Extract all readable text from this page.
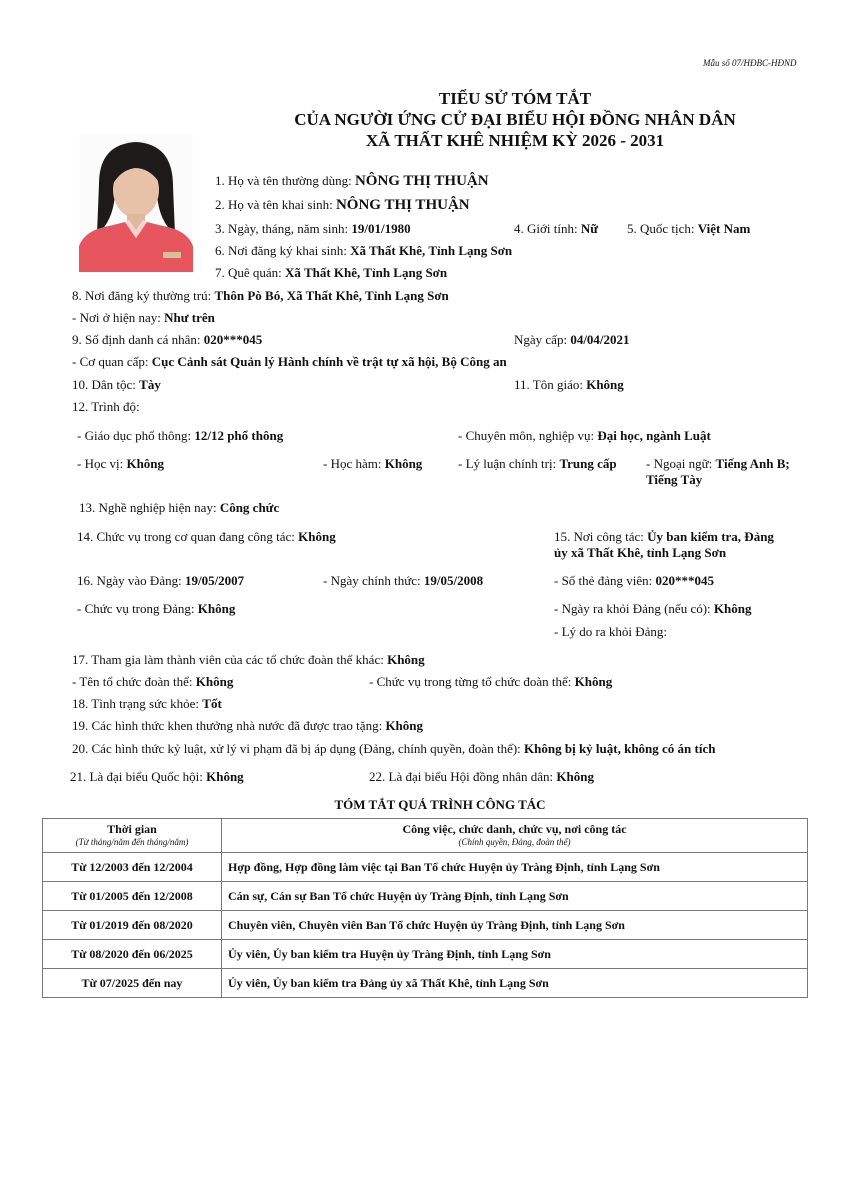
Mẫu số 07/HĐBC-HĐND
TIỂU SỬ TÓM TẮT
CỦA NGƯỜI ỨNG CỬ ĐẠI BIỂU HỘI ĐỒNG NHÂN DÂN
XÃ THẤT KHÊ NHIỆM KỲ 2026 - 2031
1. Họ và tên thường dùng: NÔNG THỊ THUẬN
2. Họ và tên khai sinh: NÔNG THỊ THUẬN
3. Ngày, tháng, năm sinh: 19/01/1980	4. Giới tính: Nữ 5. Quốc tịch: Việt Nam
6. Nơi đăng ký khai sinh: Xã Thất Khê, Tỉnh Lạng Sơn
7. Quê quán: Xã Thất Khê, Tỉnh Lạng Sơn
8. Nơi đăng ký thường trú: Thôn Pò Bó, Xã Thất Khê, Tỉnh Lạng Sơn
- Nơi ở hiện nay: Như trên
9. Số định danh cá nhân: 020***045	Ngày cấp: 04/04/2021
- Cơ quan cấp: Cục Cảnh sát Quản lý Hành chính về trật tự xã hội, Bộ Công an
10. Dân tộc: Tày	11. Tôn giáo: Không
12. Trình độ:
- Giáo dục phổ thông: 12/12 phổ thông	- Chuyên môn, nghiệp vụ: Đại học, ngành Luật
- Học vị: Không	- Học hàm: Không	- Lý luận chính trị: Trung cấp - Ngoại ngữ: Tiếng Anh B;
Tiếng Tày
13. Nghề nghiệp hiện nay: Công chức
14. Chức vụ trong cơ quan đang công tác: Không	15. Nơi công tác: Ủy ban kiểm tra, Đảng
ủy xã Thất Khê, tỉnh Lạng Sơn
16. Ngày vào Đảng: 19/05/2007	- Ngày chính thức: 19/05/2008	- Số thẻ đảng viên: 020***045
- Chức vụ trong Đảng: Không	- Ngày ra khỏi Đảng (nếu có): Không
- Lý do ra khỏi Đảng:
17. Tham gia làm thành viên của các tổ chức đoàn thể khác: Không
- Tên tổ chức đoàn thể: Không	- Chức vụ trong từng tổ chức đoàn thể: Không
18. Tình trạng sức khỏe: Tốt
19. Các hình thức khen thưởng nhà nước đã được trao tặng: Không
20. Các hình thức kỷ luật, xử lý vi phạm đã bị áp dụng (Đảng, chính quyền, đoàn thể): Không bị kỷ luật, không có án tích
21. Là đại biểu Quốc hội: Không	22. Là đại biểu Hội đồng nhân dân: Không
TÓM TẮT QUÁ TRÌNH CÔNG TÁC
Thời gian
(Từ tháng/năm đến tháng/năm)	Công việc, chức danh, chức vụ, nơi công tác
(Chính quyền, Đảng, đoàn thể)

Từ 12/2003 đến 12/2004	Hợp đồng, Hợp đồng làm việc tại Ban Tổ chức Huyện ủy Tràng Định, tỉnh Lạng Sơn
Từ 01/2005 đến 12/2008	Cán sự, Cán sự Ban Tổ chức Huyện ủy Tràng Định, tỉnh Lạng Sơn
Từ 01/2019 đến 08/2020	Chuyên viên, Chuyên viên Ban Tổ chức Huyện ủy Tràng Định, tỉnh Lạng Sơn
Từ 08/2020 đến 06/2025	Ủy viên, Ủy ban kiểm tra Huyện ủy Tràng Định, tỉnh Lạng Sơn
Từ 07/2025 đến nay	Ủy viên, Ủy ban kiểm tra Đảng ủy xã Thất Khê, tỉnh Lạng Sơn
